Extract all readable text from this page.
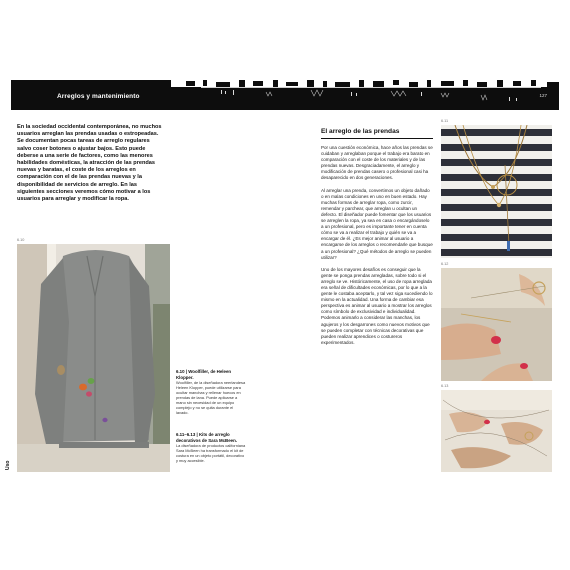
Arreglos y mantenimiento	127
En la sociedad occidental contemporánea, no muchos usuarios arreglan las prendas usadas o estropeadas. Se documentan pocas tareas de arreglo regulares salvo coser botones o ajustar bajos. Esto puede deberse a una serie de factores, como las menores habilidades domésticas, la atracción de las prendas nuevas y baratas, el coste de los arreglos en comparación con el de las prendas nuevas y la disponibilidad de servicios de arreglo. En las siguientes secciones veremos cómo motivar a los usuarios para arreglar y modificar la ropa.
6.10
6.10 | Woolfiller, de Heleen Klopper.
Woolfiller, de la diseñadora neerlandesa Heleen Klopper, puede utilizarse para ocultar manchas y rellenar huecos en prendas de lana. Puede aplicarse a mano sin necesidad de un equipo complejo y no se quita durante el lavado.
6.11–6.13 | Kits de arreglo decorativos de Sara McBeen.
La diseñadora de productos californiana Sara McBeen ha transformado el kit de costura en un objeto portátil, decorativo y muy accesible.
Uso
El arreglo de las prendas

Por una cuestión económica, hace años las prendas se cuidaban y arreglaban porque el trabajo era barato en comparación con el coste de los materiales y de las prendas nuevas. Desgraciadamente, el arreglo y modificación de prendas casero o profesional casi ha desaparecido en dos generaciones.

Al arreglar una prenda, convertimos un objeto dañado o en malas condiciones en uno en buen estado. Hay muchas formas de arreglar ropa, como zurcir, remendar y parchear, que arreglan u ocultan un defecto. El diseñador puede fomentar que los usuarios se arreglen la ropa, ya sea en casa o encargándoselo a un profesional, pero es importante tener en cuenta cómo se va a realizar el trabajo y quién se va a encargar de él. ¿Es mejor animar al usuario a encargarse de los arreglos o recomendarle que busque a un profesional? ¿Qué métodos de arreglo se pueden utilizar?

Uno de los mayores desafíos es conseguir que la gente se ponga prendas arregladas, sobre todo si el arreglo se ve. Históricamente, el uso de ropa arreglada era señal de dificultades económicas, por lo que a la gente le costaba aceptarlo, y tal vez siga sucediendo lo mismo en la actualidad. Una forma de cambiar esa perspectiva es animar al usuario a mostrar los arreglos como símbolo de exclusividad e individualidad. Podemos animarlo a considerar las manchas, los agujeros y los desgarrones como nuevos motivos que se pueden completar con técnicas decorativas que pueden realizar aprendices o costureros experimentados.

6.11
6.12
6.13
